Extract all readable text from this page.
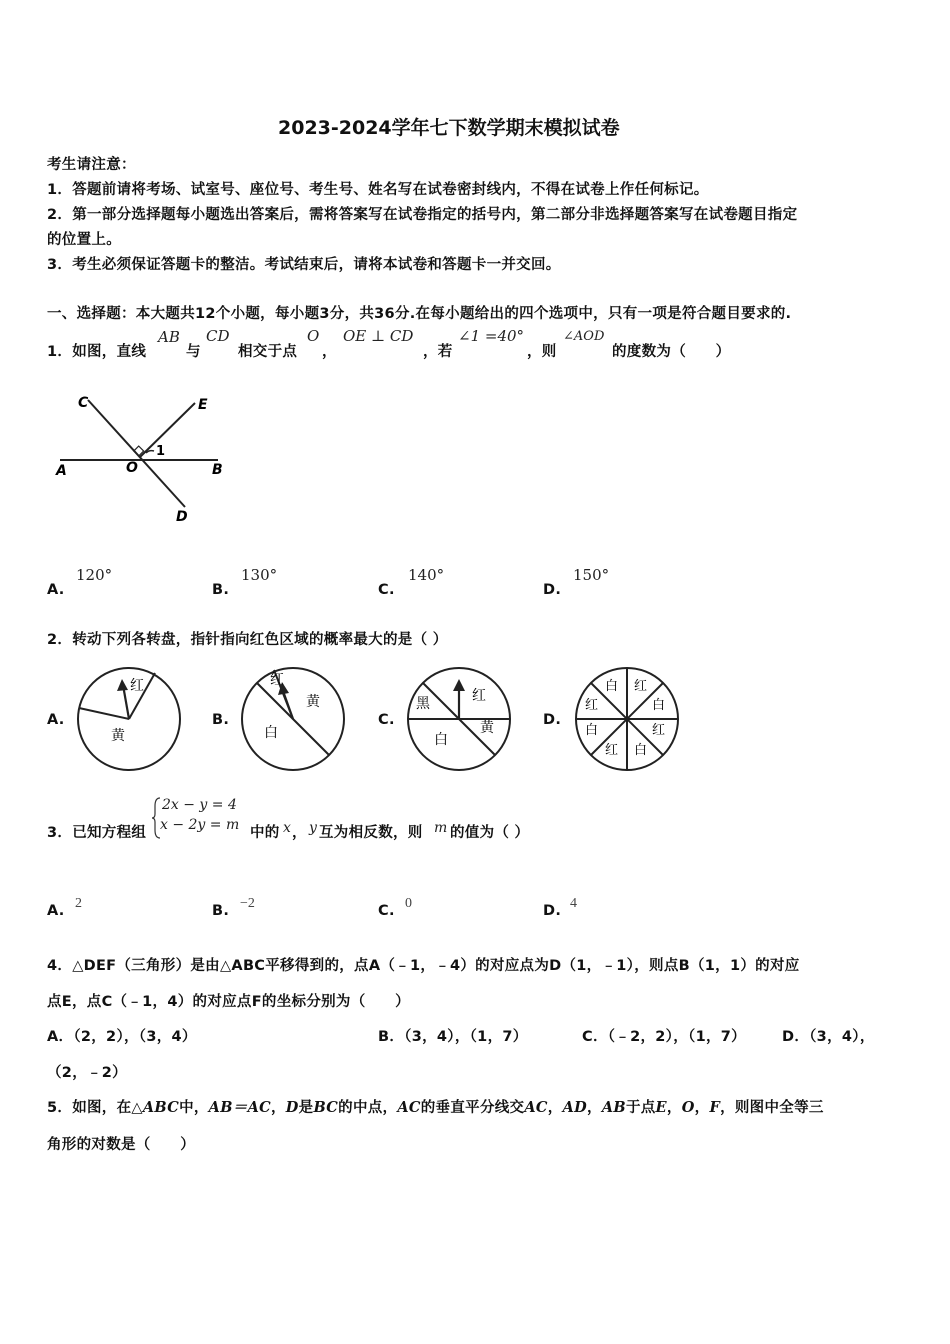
2023-2024学年七下数学期末模拟试卷
考生请注意：
1．答题前请将考场、试室号、座位号、考生号、姓名写在试卷密封线内，不得在试卷上作任何标记。
2．第一部分选择题每小题选出答案后，需将答案写在试卷指定的括号内，第二部分非选择题答案写在试卷题目指定
的位置上。
3．考生必须保证答题卡的整洁。考试结束后，请将本试卷和答题卡一并交回。
一、选择题：本大题共12个小题，每小题3分，共36分.在每小题给出的四个选项中，只有一项是符合题目要求的.
1．如图，直线
AB
与
CD
相交于点
O
，
OE ⊥ CD
，若
∠1 =40°
，则
∠AOD
的度数为（　　）
C	E
A	O	B
D
1
A.
120°
B.
130°
C.
140°
D.
150°
2．转动下列各转盘，指针指向红色区域的概率最大的是（ ）
A.
红
黄
B.
红
黄
白
C.
黑	红
黄
白
D.
白 红
白
红
白
红
白
红
3．已知方程组
2x − y = 4
x − 2y = m 中的 x ， y 互为相反数，则 m 的值为（ ）
A. 2	B. −2	C. 0	D. 4
4．△DEF（三角形）是由△ABC平移得到的，点A（﹣1，﹣4）的对应点为D（1，﹣1），则点B（1，1）的对应
点E，点C（﹣1，4）的对应点F的坐标分别为（　　）
A．（2，2），（3，4）	B．（3，4），（1，7）	C．（﹣2，2），（1，7） D．（3，4），
（2，﹣2）
5．如图，在△ABC中，AB＝AC，D是BC的中点，AC的垂直平分线交AC，AD，AB于点E，O，F，则图中全等三
角形的对数是（　　）
